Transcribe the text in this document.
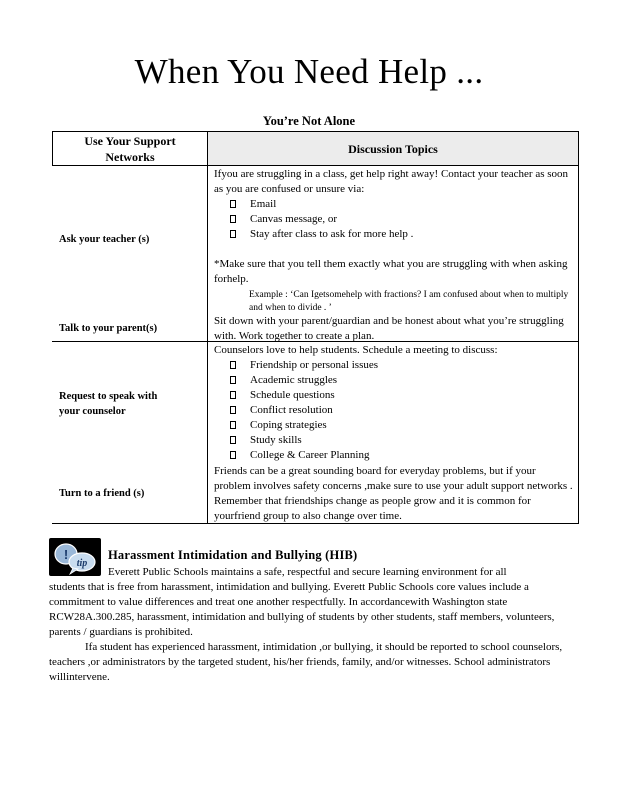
When You Need Help ...
You’re Not Alone
Use Your Support
Networks
Discussion Topics
Ask your teacher (s)
Talk to your parent(s)
Request to speak with
your counselor
Turn to a friend (s)
Ifyou are struggling in a class, get help right away! Contact your teacher as soon as you are confused or unsure via:
Email
Canvas message, or
Stay after class to ask for more help .
*Make sure that you tell them exactly what you are struggling with when asking forhelp.
Example : ‘Can Igetsomehelp with fractions? I am confused about when to multiply and when to divide . ’
Sit down with your parent/guardian and be honest about what you’re struggling with. Work together to create a plan.
Counselors love to help students. Schedule a meeting to discuss:
Friendship or personal issues
Academic struggles
Schedule questions
Conflict resolution
Coping strategies
Study skills
College & Career Planning
Friends can be a great sounding board for everyday problems, but if your problem involves safety concerns ,make sure to use your adult support networks . Remember that friendships change as people grow and it is common for yourfriend group to also change over time.
!
tip
Harassment Intimidation and Bullying (HIB)

Everett Public Schools maintains a safe, respectful and secure learning environment for all

students that is free from harassment, intimidation and bullying. Everett Public Schools core values include a commitment to value differences and treat one another respectfully. In accordancewith Washington state RCW28A.300.285, harassment, intimidation and bullying of students by other students, staff members, volunteers, parents / guardians is prohibited.

Ifa student has experienced harassment, intimidation ,or bullying, it should be reported to school counselors, teachers ,or administrators by the targeted student, his/her friends, family, and/or witnesses. School administrators willintervene.
